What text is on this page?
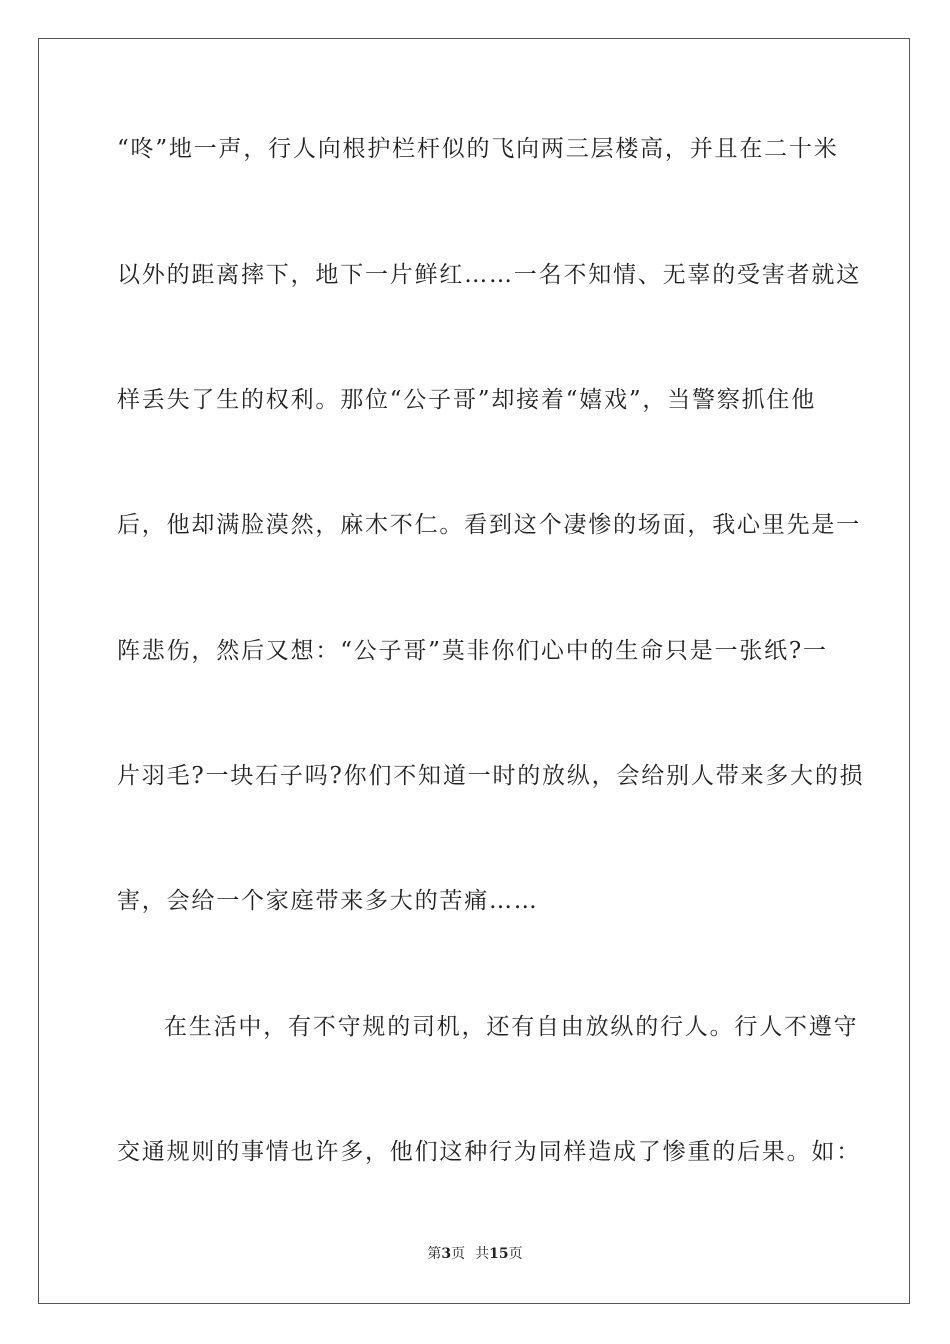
“咚”地一声，行人向根护栏杆似的飞向两三层楼高，并且在二十米
以外的距离摔下，地下一片鲜红……一名不知情、无辜的受害者就这
样丢失了生的权利。那位“公子哥”却接着“嬉戏”，当警察抓住他
后，他却满脸漠然，麻木不仁。看到这个凄惨的场面，我心里先是一
阵悲伤，然后又想：“公子哥”莫非你们心中的生命只是一张纸?一
片羽毛?一块石子吗?你们不知道一时的放纵，会给别人带来多大的损
害，会给一个家庭带来多大的苦痛……
在生活中，有不守规的司机，还有自由放纵的行人。行人不遵守
交通规则的事情也许多，他们这种行为同样造成了惨重的后果。如：
第3页 共15页
